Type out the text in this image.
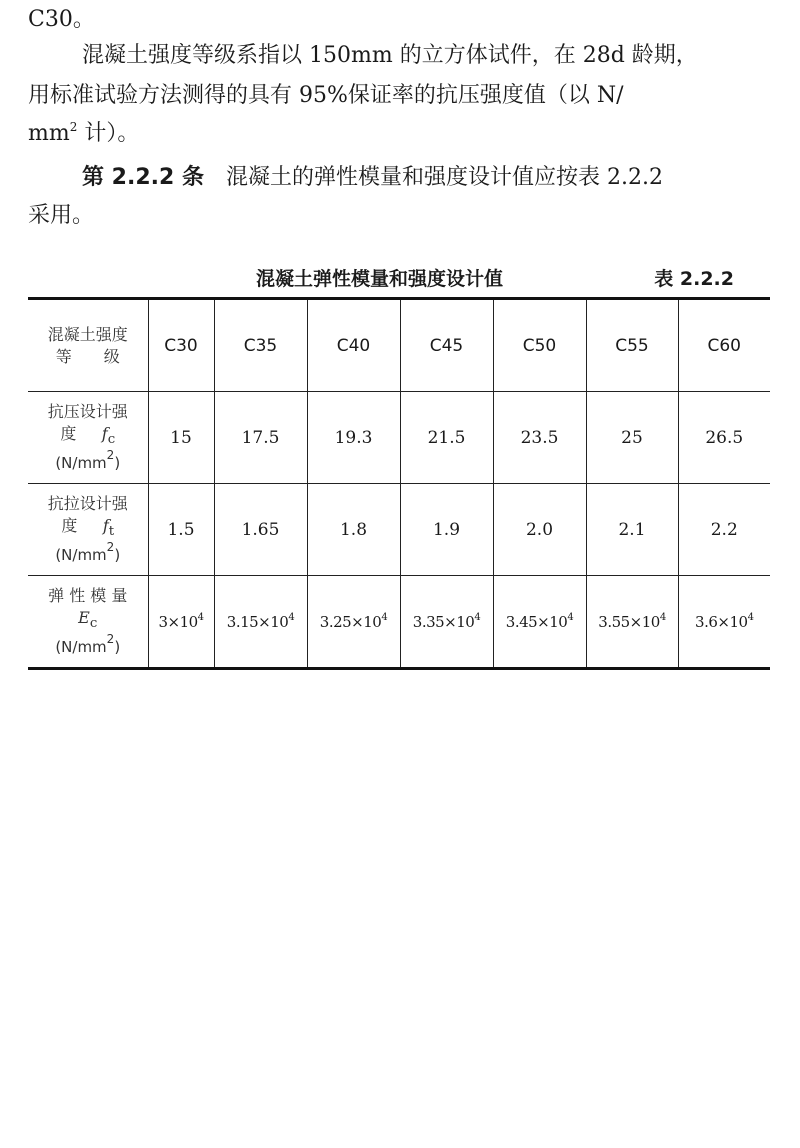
C30。

混凝土强度等级系指以 150mm 的立方体试件，在 28d 龄期，

用标准试验方法测得的具有 95%保证率的抗压强度值（以 N/

$mm^2$ 计）。

第 2.2.2 条　混凝土的弹性模量和强度设计值应按表 2.2.2

采用。

混凝土弹性模量和强度设计值	表 2.2.2
混凝土强度
等　　级	C30	C35	C40	C45	C50	C55	C60

抗压设计强
度 $f_c$
$(N/mm^2)$	15	17.5	19.3	21.5	23.5	25	26.5

抗拉设计强
度 $f_t$
$(N/mm^2)$	1.5	1.65	1.8	1.9	2.0	2.1	2.2

弹 性 模 量
$E_c$
$(N/mm^2)$	$3\times 10^4$	$3.15\times 10^4$	$3.25\times 10^4$	$3.35\times 10^4$	$3.45\times 10^4$	$3.55\times 10^4$	$3.6\times 10^4$
